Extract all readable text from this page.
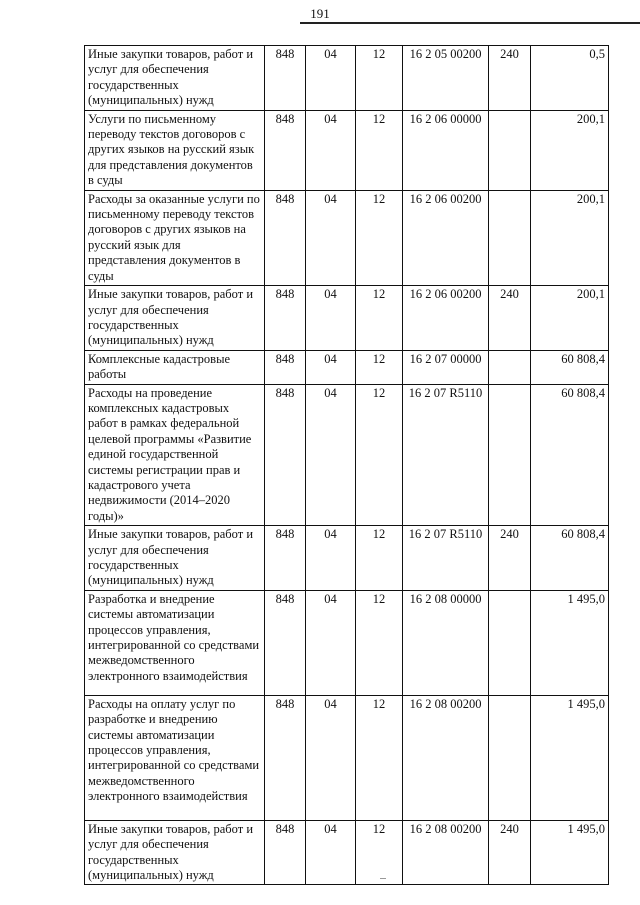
191
Иные закупки товаров, работ и услуг для обеспечения государственных (муниципальных) нужд	848	04	12	16 2 05 00200	240	0,5
Услуги по письменному переводу текстов договоров с других языков на русский язык для представления документов в суды	848	04	12	16 2 06 00000		200,1
Расходы за оказанные услуги по письменному переводу текстов договоров с других языков на русский язык для представления документов в суды	848	04	12	16 2 06 00200		200,1
Иные закупки товаров, работ и услуг для обеспечения государственных (муниципальных) нужд	848	04	12	16 2 06 00200	240	200,1
Комплексные кадастровые работы	848	04	12	16 2 07 00000		60 808,4
Расходы на проведение комплексных кадастровых работ в рамках федеральной целевой программы «Развитие единой государственной системы регистрации прав и кадастрового учета недвижимости (2014–2020 годы)»	848	04	12	16 2 07 R5110		60 808,4
Иные закупки товаров, работ и услуг для обеспечения государственных (муниципальных) нужд	848	04	12	16 2 07 R5110	240	60 808,4
Разработка и внедрение системы автоматизации процессов управления, интегрированной со средствами межведомственного электронного взаимодействия	848	04	12	16 2 08 00000		1 495,0
Расходы на оплату услуг по разработке и внедрению системы автоматизации процессов управления, интегрированной со средствами межведомственного электронного взаимодействия	848	04	12	16 2 08 00200		1 495,0
Иные закупки товаров, работ и услуг для обеспечения государственных (муниципальных) нужд	848	04	12	16 2 08 00200	240	1 495,0
